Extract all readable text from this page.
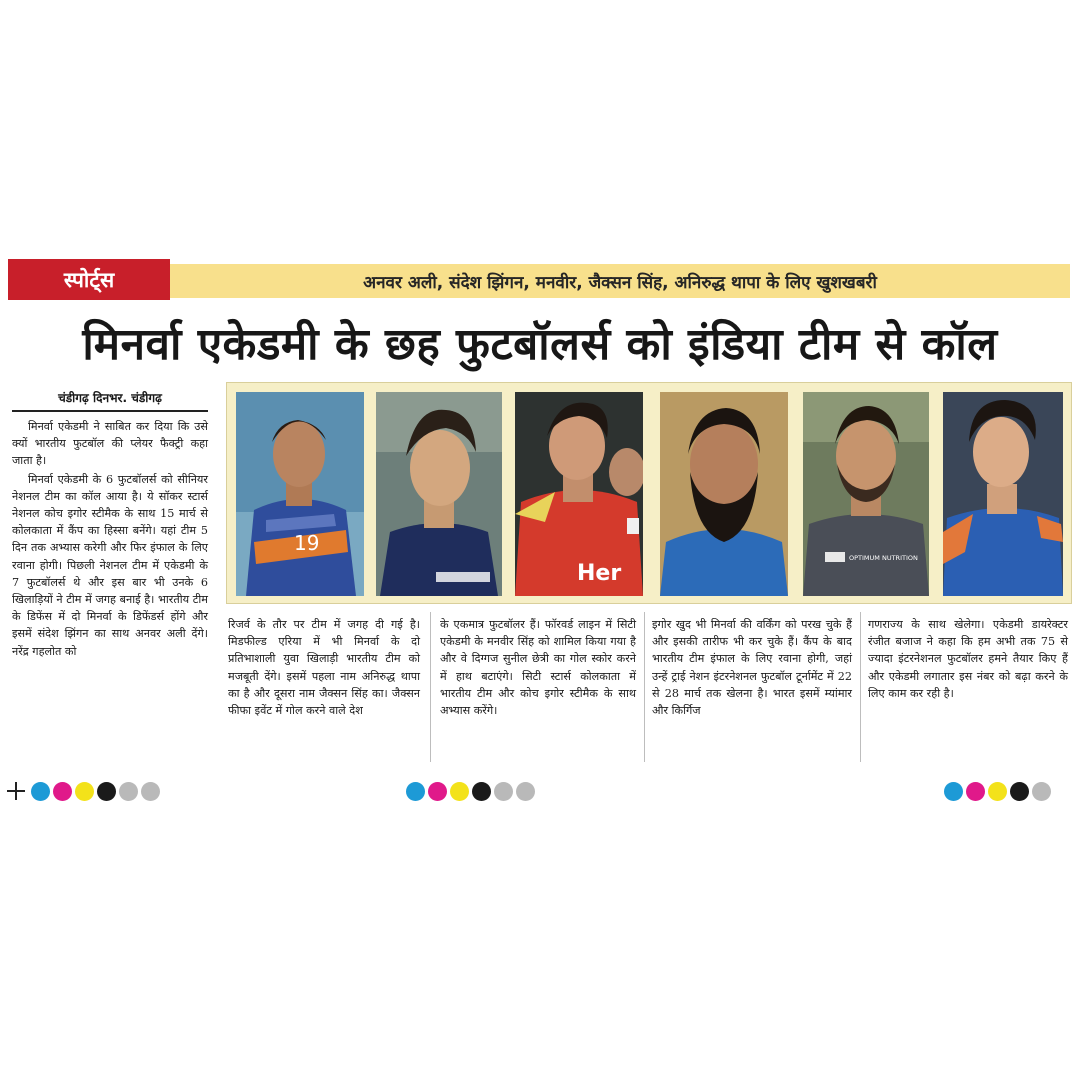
स्पोर्ट्स	अनवर अली, संदेश झिंगन, मनवीर, जैक्सन सिंह, अनिरुद्ध थापा के लिए खुशखबरी
मिनर्वा एकेडमी के छह फुटबॉलर्स को इंडिया टीम से कॉल
चंडीगढ़ दिनभर. चंडीगढ़

मिनर्वा एकेडमी ने साबित कर दिया कि उसे क्यों भारतीय फुटबॉल की प्लेयर फैक्ट्री कहा जाता है।

मिनर्वा एकेडमी के 6 फुटबॉलर्स को सीनियर नेशनल टीम का कॉल आया है। ये सॉकर स्टार्स नेशनल कोच इगोर स्टीमैक के साथ 15 मार्च से कोलकाता में कैंप का हिस्सा बनेंगे। यहां टीम 5 दिन तक अभ्यास करेगी और फिर इंफाल के लिए रवाना होगी। पिछली नेशनल टीम में एकेडमी के 7 फुटबॉलर्स थे और इस बार भी उनके 6 खिलाड़ियों ने टीम में जगह बनाई है। भारतीय टीम के डिफेंस में दो मिनर्वा के डिफेंडर्स होंगे और इसमें संदेश झिंगन का साथ अनवर अली देंगे। नरेंद्र गहलोत को

19
Her
OPTIMUM NUTRITION

रिजर्व के तौर पर टीम में जगह दी गई है। मिडफील्ड एरिया में भी मिनर्वा के दो प्रतिभाशाली युवा खिलाड़ी भारतीय टीम को मजबूती देंगे। इसमें पहला नाम अनिरुद्ध थापा का है और दूसरा नाम जैक्सन सिंह का। जैक्सन फीफा इवेंट में गोल करने वाले देश

के एकमात्र फुटबॉलर हैं। फॉरवर्ड लाइन में सिटी एकेडमी के मनवीर सिंह को शामिल किया गया है और वे दिग्गज सुनील छेत्री का गोल स्कोर करने में हाथ बटाएंगे। सिटी स्टार्स कोलकाता में भारतीय टीम और कोच इगोर स्टीमैक के साथ अभ्यास करेंगे।

इगोर खुद भी मिनर्वा की वर्किंग को परख चुके हैं और इसकी तारीफ भी कर चुके हैं। कैंप के बाद भारतीय टीम इंफाल के लिए रवाना होगी, जहां उन्हें ट्राई नेशन इंटरनेशनल फुटबॉल टूर्नामेंट में 22 से 28 मार्च तक खेलना है। भारत इसमें म्यांमार और किर्गिज

गणराज्य के साथ खेलेगा। एकेडमी डायरेक्टर रंजीत बजाज ने कहा कि हम अभी तक 75 से ज्यादा इंटरनेशनल फुटबॉलर हमने तैयार किए हैं और एकेडमी लगातार इस नंबर को बढ़ा करने के लिए काम कर रही है।
